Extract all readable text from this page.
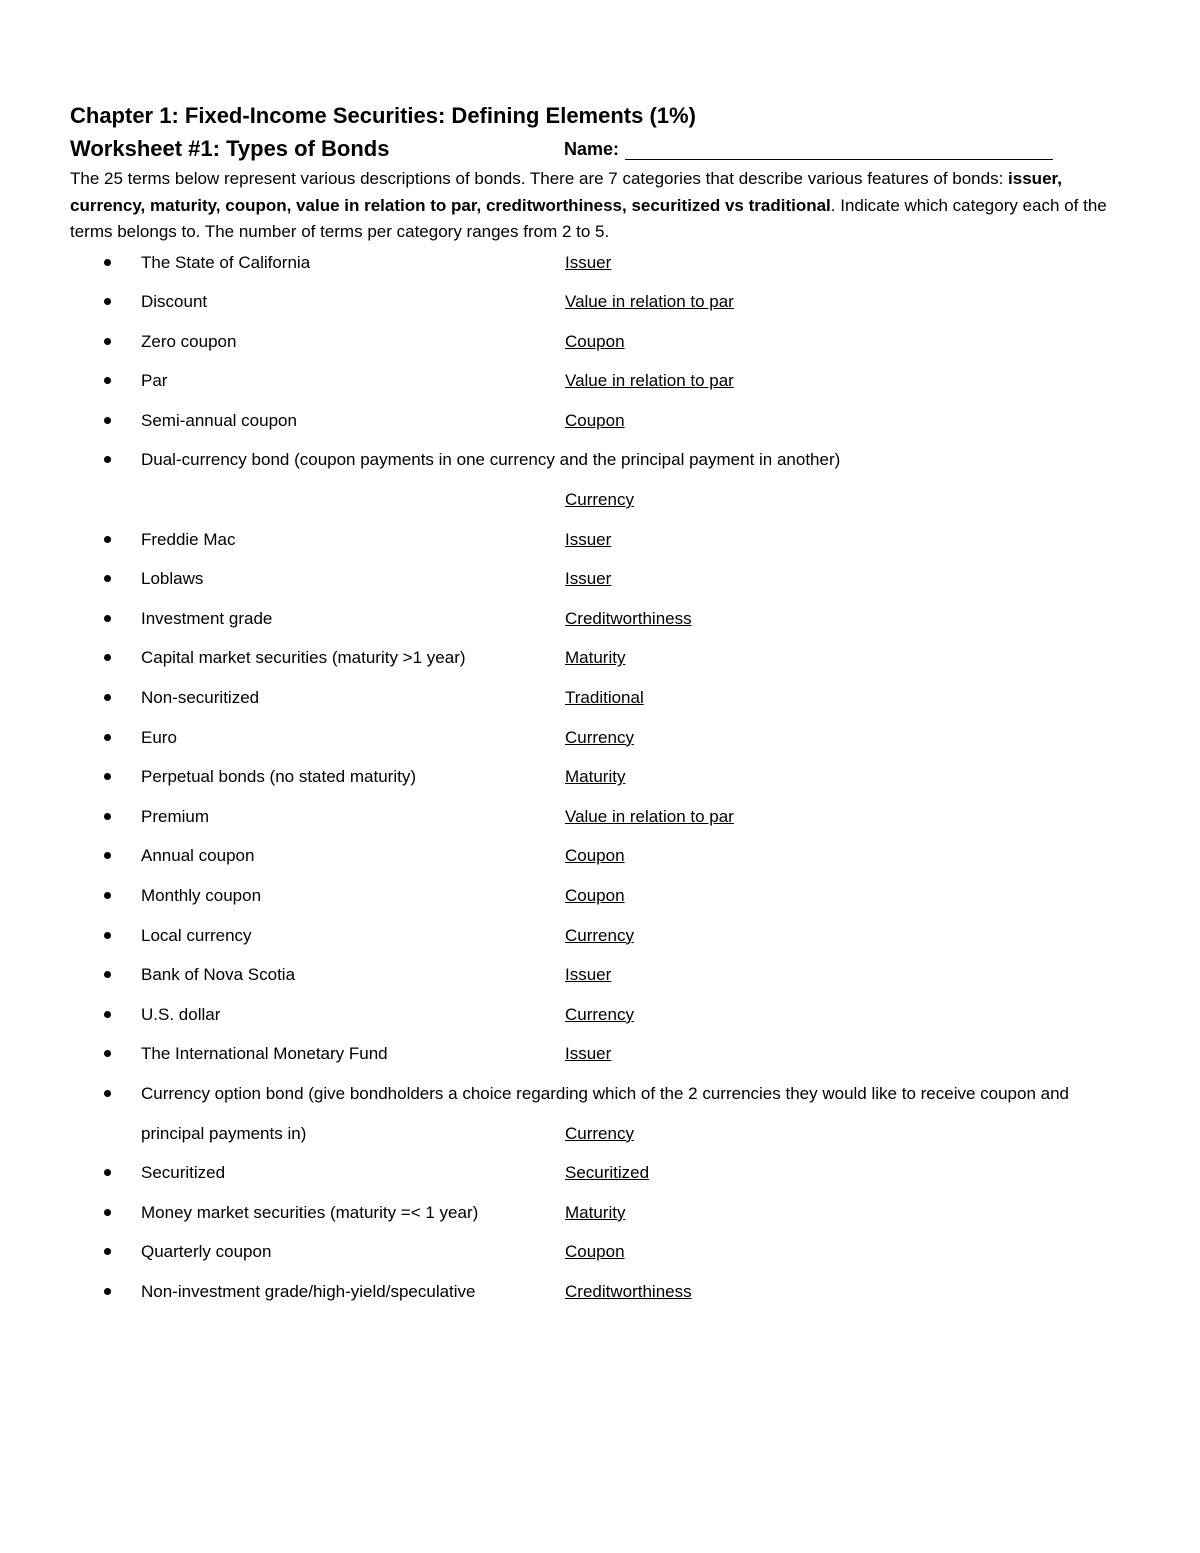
Chapter 1: Fixed-Income Securities: Defining Elements (1%)
Worksheet #1: Types of Bonds	Name:

The 25 terms below represent various descriptions of bonds. There are 7 categories that describe various features of bonds: issuer, currency, maturity, coupon, value in relation to par, creditworthiness, securitized vs traditional. Indicate which category each of the terms belongs to. The number of terms per category ranges from 2 to 5.

The State of California	Issuer
Discount	Value in relation to par
Zero coupon	Coupon
Par	Value in relation to par
Semi-annual coupon	Coupon
Dual-currency bond (coupon payments in one currency and the principal payment in another)
Currency
Freddie Mac	Issuer
Loblaws	Issuer
Investment grade	Creditworthiness
Capital market securities (maturity >1 year)	Maturity
Non-securitized	Traditional
Euro	Currency
Perpetual bonds (no stated maturity)	Maturity
Premium	Value in relation to par
Annual coupon	Coupon
Monthly coupon	Coupon
Local currency	Currency
Bank of Nova Scotia	Issuer
U.S. dollar	Currency
The International Monetary Fund	Issuer
Currency option bond (give bondholders a choice regarding which of the 2 currencies they would like to receive coupon and principal payments in)	Currency
Securitized	Securitized
Money market securities (maturity =< 1 year)	Maturity
Quarterly coupon	Coupon
Non-investment grade/high-yield/speculative	Creditworthiness
